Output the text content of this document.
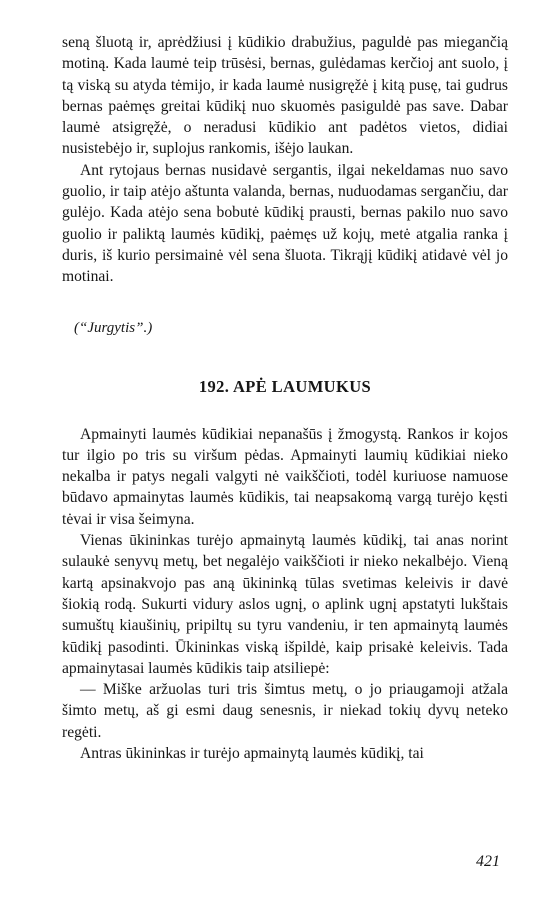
seną šluotą ir, aprėdžiusi į kūdikio drabužius, paguldė pas miegančią motiną. Kada laumė teip trūsėsi, bernas, gulėdamas kerčioj ant suolo, į tą viską su atyda tėmijo, ir kada laumė nusigręžė į kitą pusę, tai gudrus bernas paėmęs greitai kūdikį nuo skuomės pasiguldė pas save. Dabar laumė atsigręžė, o neradusi kūdikio ant padėtos vietos, didiai nusistebėjo ir, suplojus rankomis, išėjo laukan.

Ant rytojaus bernas nusidavė sergantis, ilgai nekeldamas nuo savo guolio, ir taip atėjo aštunta valanda, bernas, nuduodamas sergančiu, dar gulėjo. Kada atėjo sena bobutė kūdikį prausti, bernas pakilo nuo savo guolio ir paliktą laumės kūdikį, paėmęs už kojų, metė atgalia ranka į duris, iš kurio persimainė vėl sena šluota. Tikrąjį kūdikį atidavė vėl jo motinai.

(“Jurgytis”.)

192. APĖ LAUMUKUS

Apmainyti laumės kūdikiai nepanašūs į žmogystą. Rankos ir kojos tur ilgio po tris su viršum pėdas. Apmainyti laumių kūdikiai nieko nekalba ir patys negali valgyti nė vaikščioti, todėl kuriuose namuose būdavo apmainytas laumės kūdikis, tai neapsakomą vargą turėjo kęsti tėvai ir visa šeimyna.

Vienas ūkininkas turėjo apmainytą laumės kūdikį, tai anas norint sulaukė senyvų metų, bet negalėjo vaikščioti ir nieko nekalbėjo. Vieną kartą apsinakvojo pas aną ūkininką tūlas svetimas keleivis ir davė šiokią rodą. Sukurti vidury aslos ugnį, o aplink ugnį apstatyti lukštais sumuštų kiaušinių, pripiltų su tyru vandeniu, ir ten apmainytą laumės kūdikį pasodinti. Ūkininkas viską išpildė, kaip prisakė keleivis. Tada apmainytasai laumės kūdikis taip atsiliepė:

— Miške aržuolas turi tris šimtus metų, o jo priaugamoji atžala šimto metų, aš gi esmi daug senesnis, ir niekad tokių dyvų neteko regėti.

Antras ūkininkas ir turėjo apmainytą laumės kūdikį, tai

421
